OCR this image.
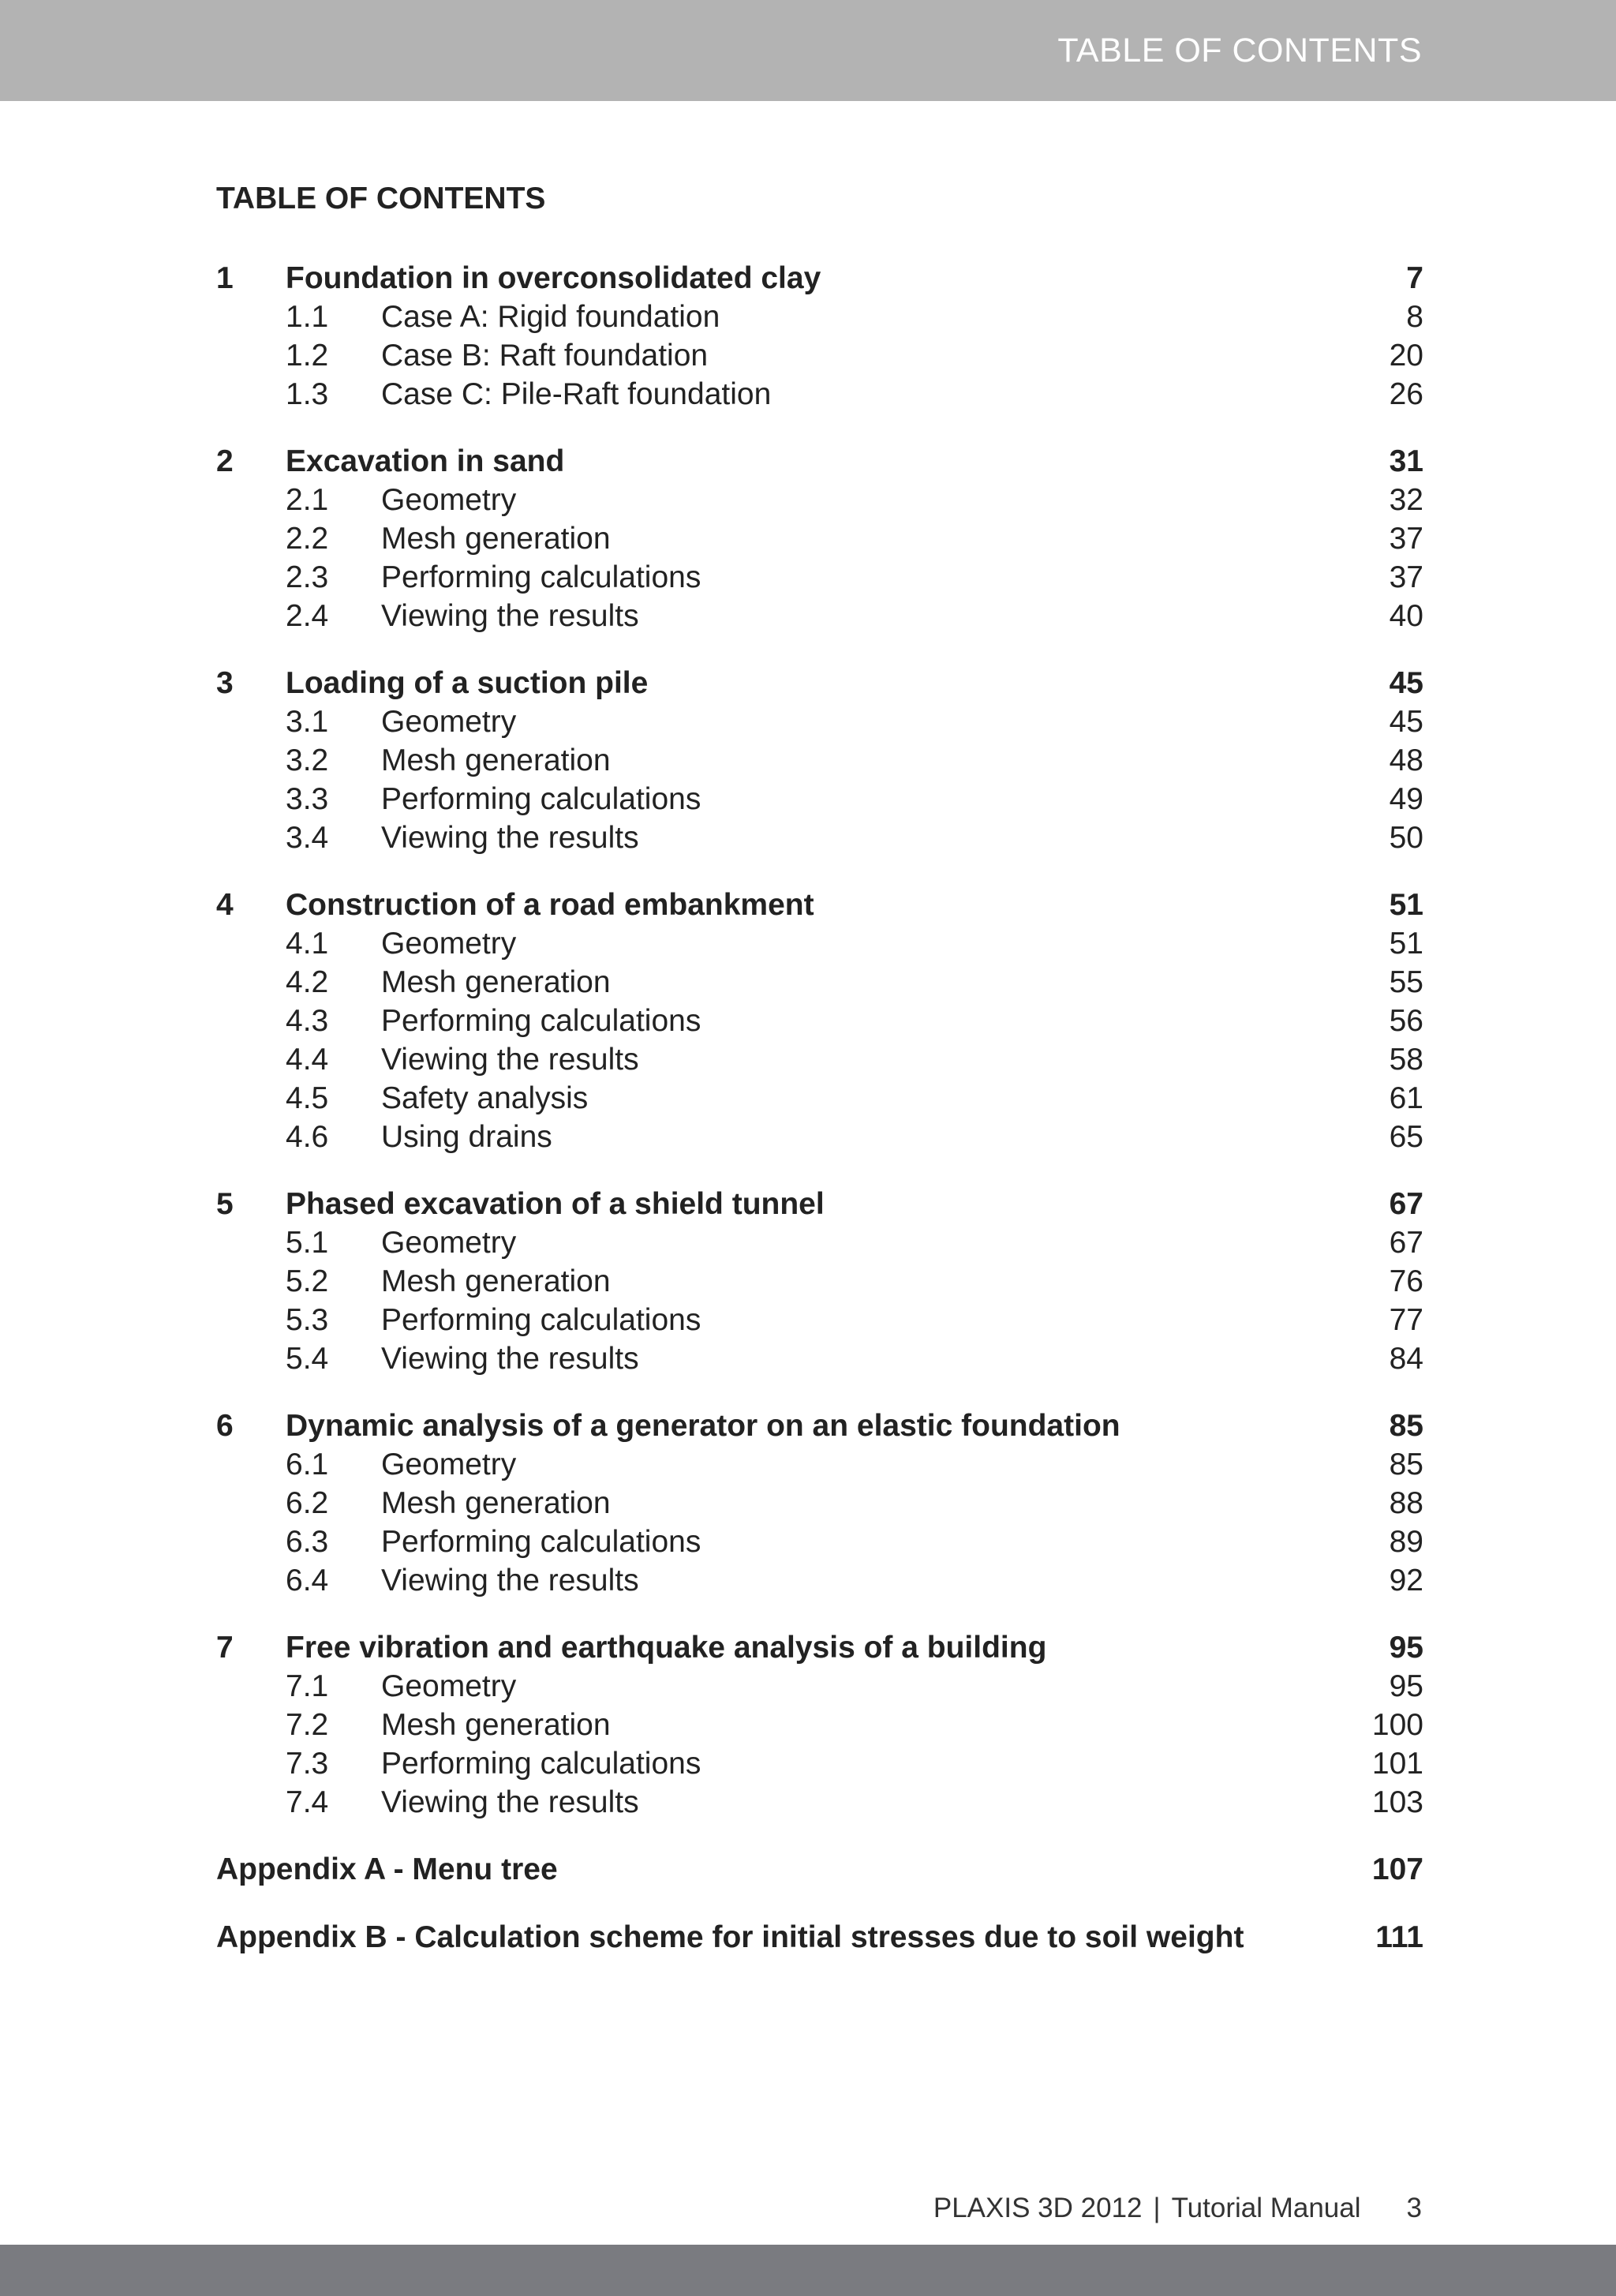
TABLE OF CONTENTS
TABLE OF CONTENTS
1 Foundation in overconsolidated clay	7
1.1 Case A: Rigid foundation	8
1.2 Case B: Raft foundation	20
1.3 Case C: Pile-Raft foundation	26
2 Excavation in sand	31
2.1 Geometry	32
2.2 Mesh generation	37
2.3 Performing calculations	37
2.4 Viewing the results	40
3 Loading of a suction pile	45
3.1 Geometry	45
3.2 Mesh generation	48
3.3 Performing calculations	49
3.4 Viewing the results	50
4 Construction of a road embankment	51
4.1 Geometry	51
4.2 Mesh generation	55
4.3 Performing calculations	56
4.4 Viewing the results	58
4.5 Safety analysis	61
4.6 Using drains	65
5 Phased excavation of a shield tunnel	67
5.1 Geometry	67
5.2 Mesh generation	76
5.3 Performing calculations	77
5.4 Viewing the results	84
6 Dynamic analysis of a generator on an elastic foundation	85
6.1 Geometry	85
6.2 Mesh generation	88
6.3 Performing calculations	89
6.4 Viewing the results	92
7 Free vibration and earthquake analysis of a building	95
7.1 Geometry	95
7.2 Mesh generation	100
7.3 Performing calculations	101
7.4 Viewing the results	103
Appendix A - Menu tree	107
Appendix B - Calculation scheme for initial stresses due to soil weight	111
PLAXIS 3D 2012 | Tutorial Manual 3
